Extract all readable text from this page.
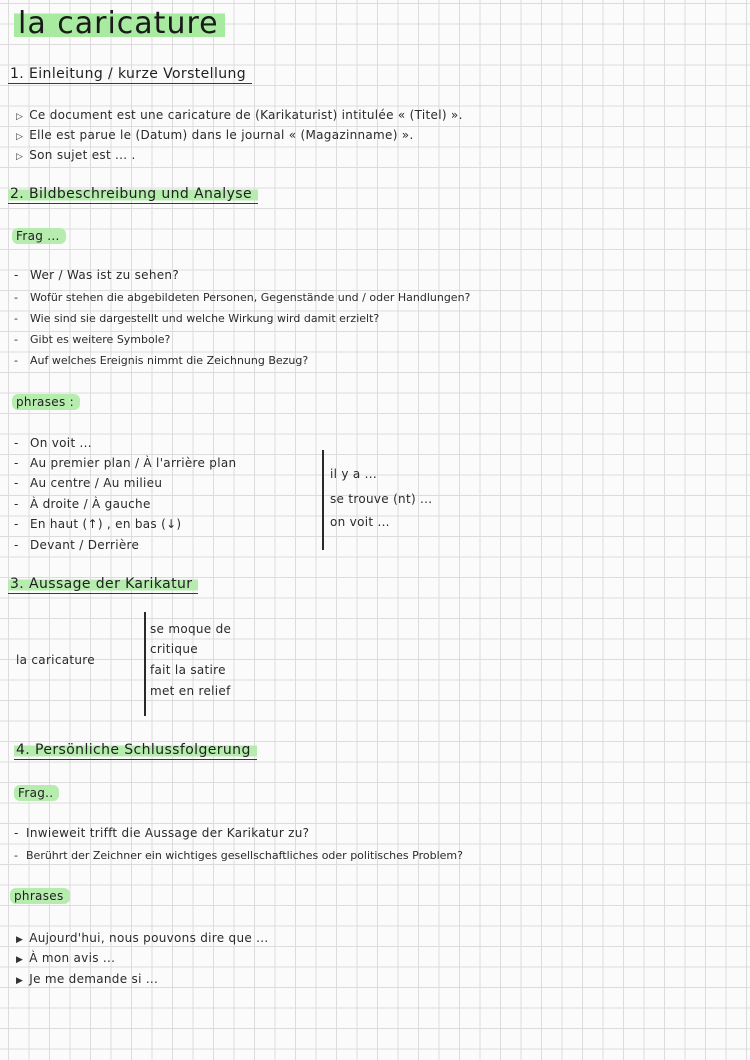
la caricature
1. Einleitung / kurze Vorstellung
▷ Ce document est une caricature de (Karikaturist) intitulée « (Titel) ».
▷ Elle est parue le (Datum) dans le journal « (Magazinname) ».
▷ Son sujet est ... .
2. Bildbeschreibung und Analyse
Frag ...
- Wer / Was ist zu sehen?
- Wofür stehen die abgebildeten Personen, Gegenstände und / oder Handlungen?
- Wie sind sie dargestellt und welche Wirkung wird damit erzielt?
- Gibt es weitere Symbole?
- Auf welches Ereignis nimmt die Zeichnung Bezug?
phrases :
- On voit ...
- Au premier plan / À l'arrière plan
- Au centre / Au milieu
- À droite / À gauche
- En haut (↑) , en bas (↓)
- Devant / Derrière
il y a ...
se trouve (nt) ...
on voit ...
3. Aussage der Karikatur
la caricature
se moque de
critique
fait la satire
met en relief
4. Persönliche Schlussfolgerung
Frag..
- Inwieweit trifft die Aussage der Karikatur zu?
- Berührt der Zeichner ein wichtiges gesellschaftliches oder politisches Problem?
phrases
▶ Aujourd'hui, nous pouvons dire que ...
▶ À mon avis ...
▶ Je me demande si ...
